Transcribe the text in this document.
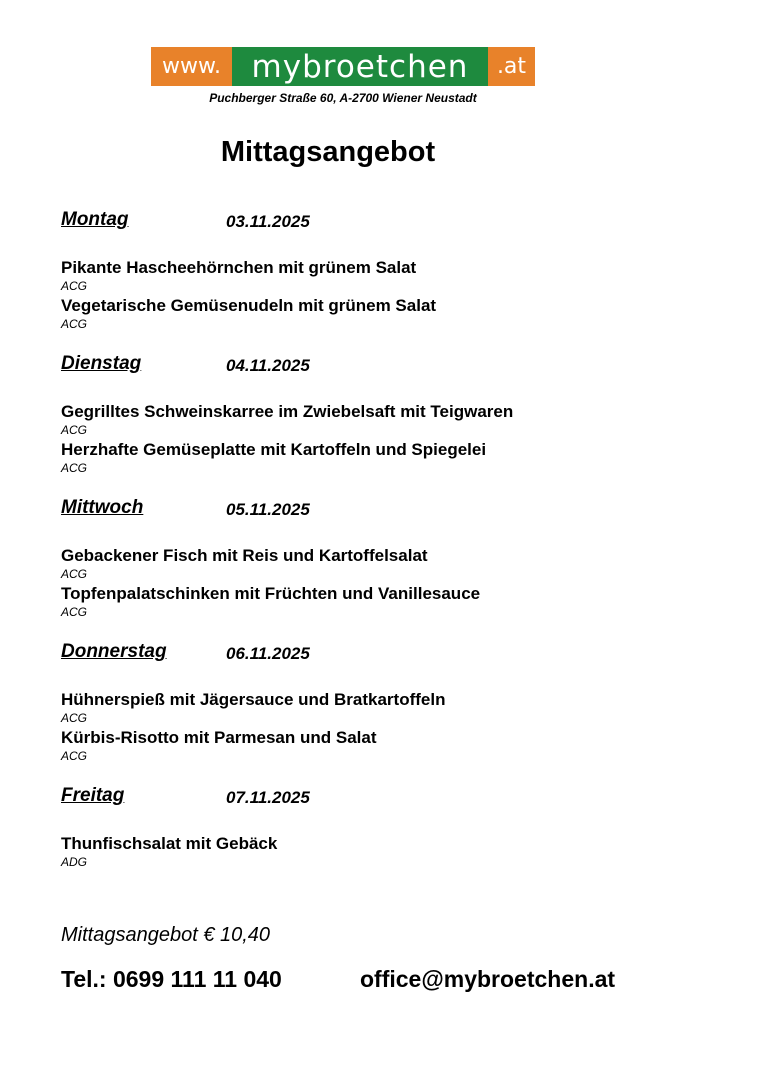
www. mybroetchen	.at
Puchberger Straße 60, A-2700 Wiener Neustadt
Mittagsangebot
Montag	03.11.2025
Pikante Hascheehörnchen mit grünem Salat
ACG
Vegetarische Gemüsenudeln mit grünem Salat
ACG
Dienstag	04.11.2025
Gegrilltes Schweinskarree im Zwiebelsaft mit Teigwaren
ACG
Herzhafte Gemüseplatte mit Kartoffeln und Spiegelei
ACG
Mittwoch	05.11.2025
Gebackener Fisch mit Reis und Kartoffelsalat
ACG
Topfenpalatschinken mit Früchten und Vanillesauce
ACG
Donnerstag	06.11.2025
Hühnerspieß mit Jägersauce und Bratkartoffeln
ACG
Kürbis-Risotto mit Parmesan und Salat
ACG
Freitag	07.11.2025
Thunfischsalat mit Gebäck
ADG
Mittagsangebot € 10,40
Tel.: 0699 111 11 040	office@mybroetchen.at
